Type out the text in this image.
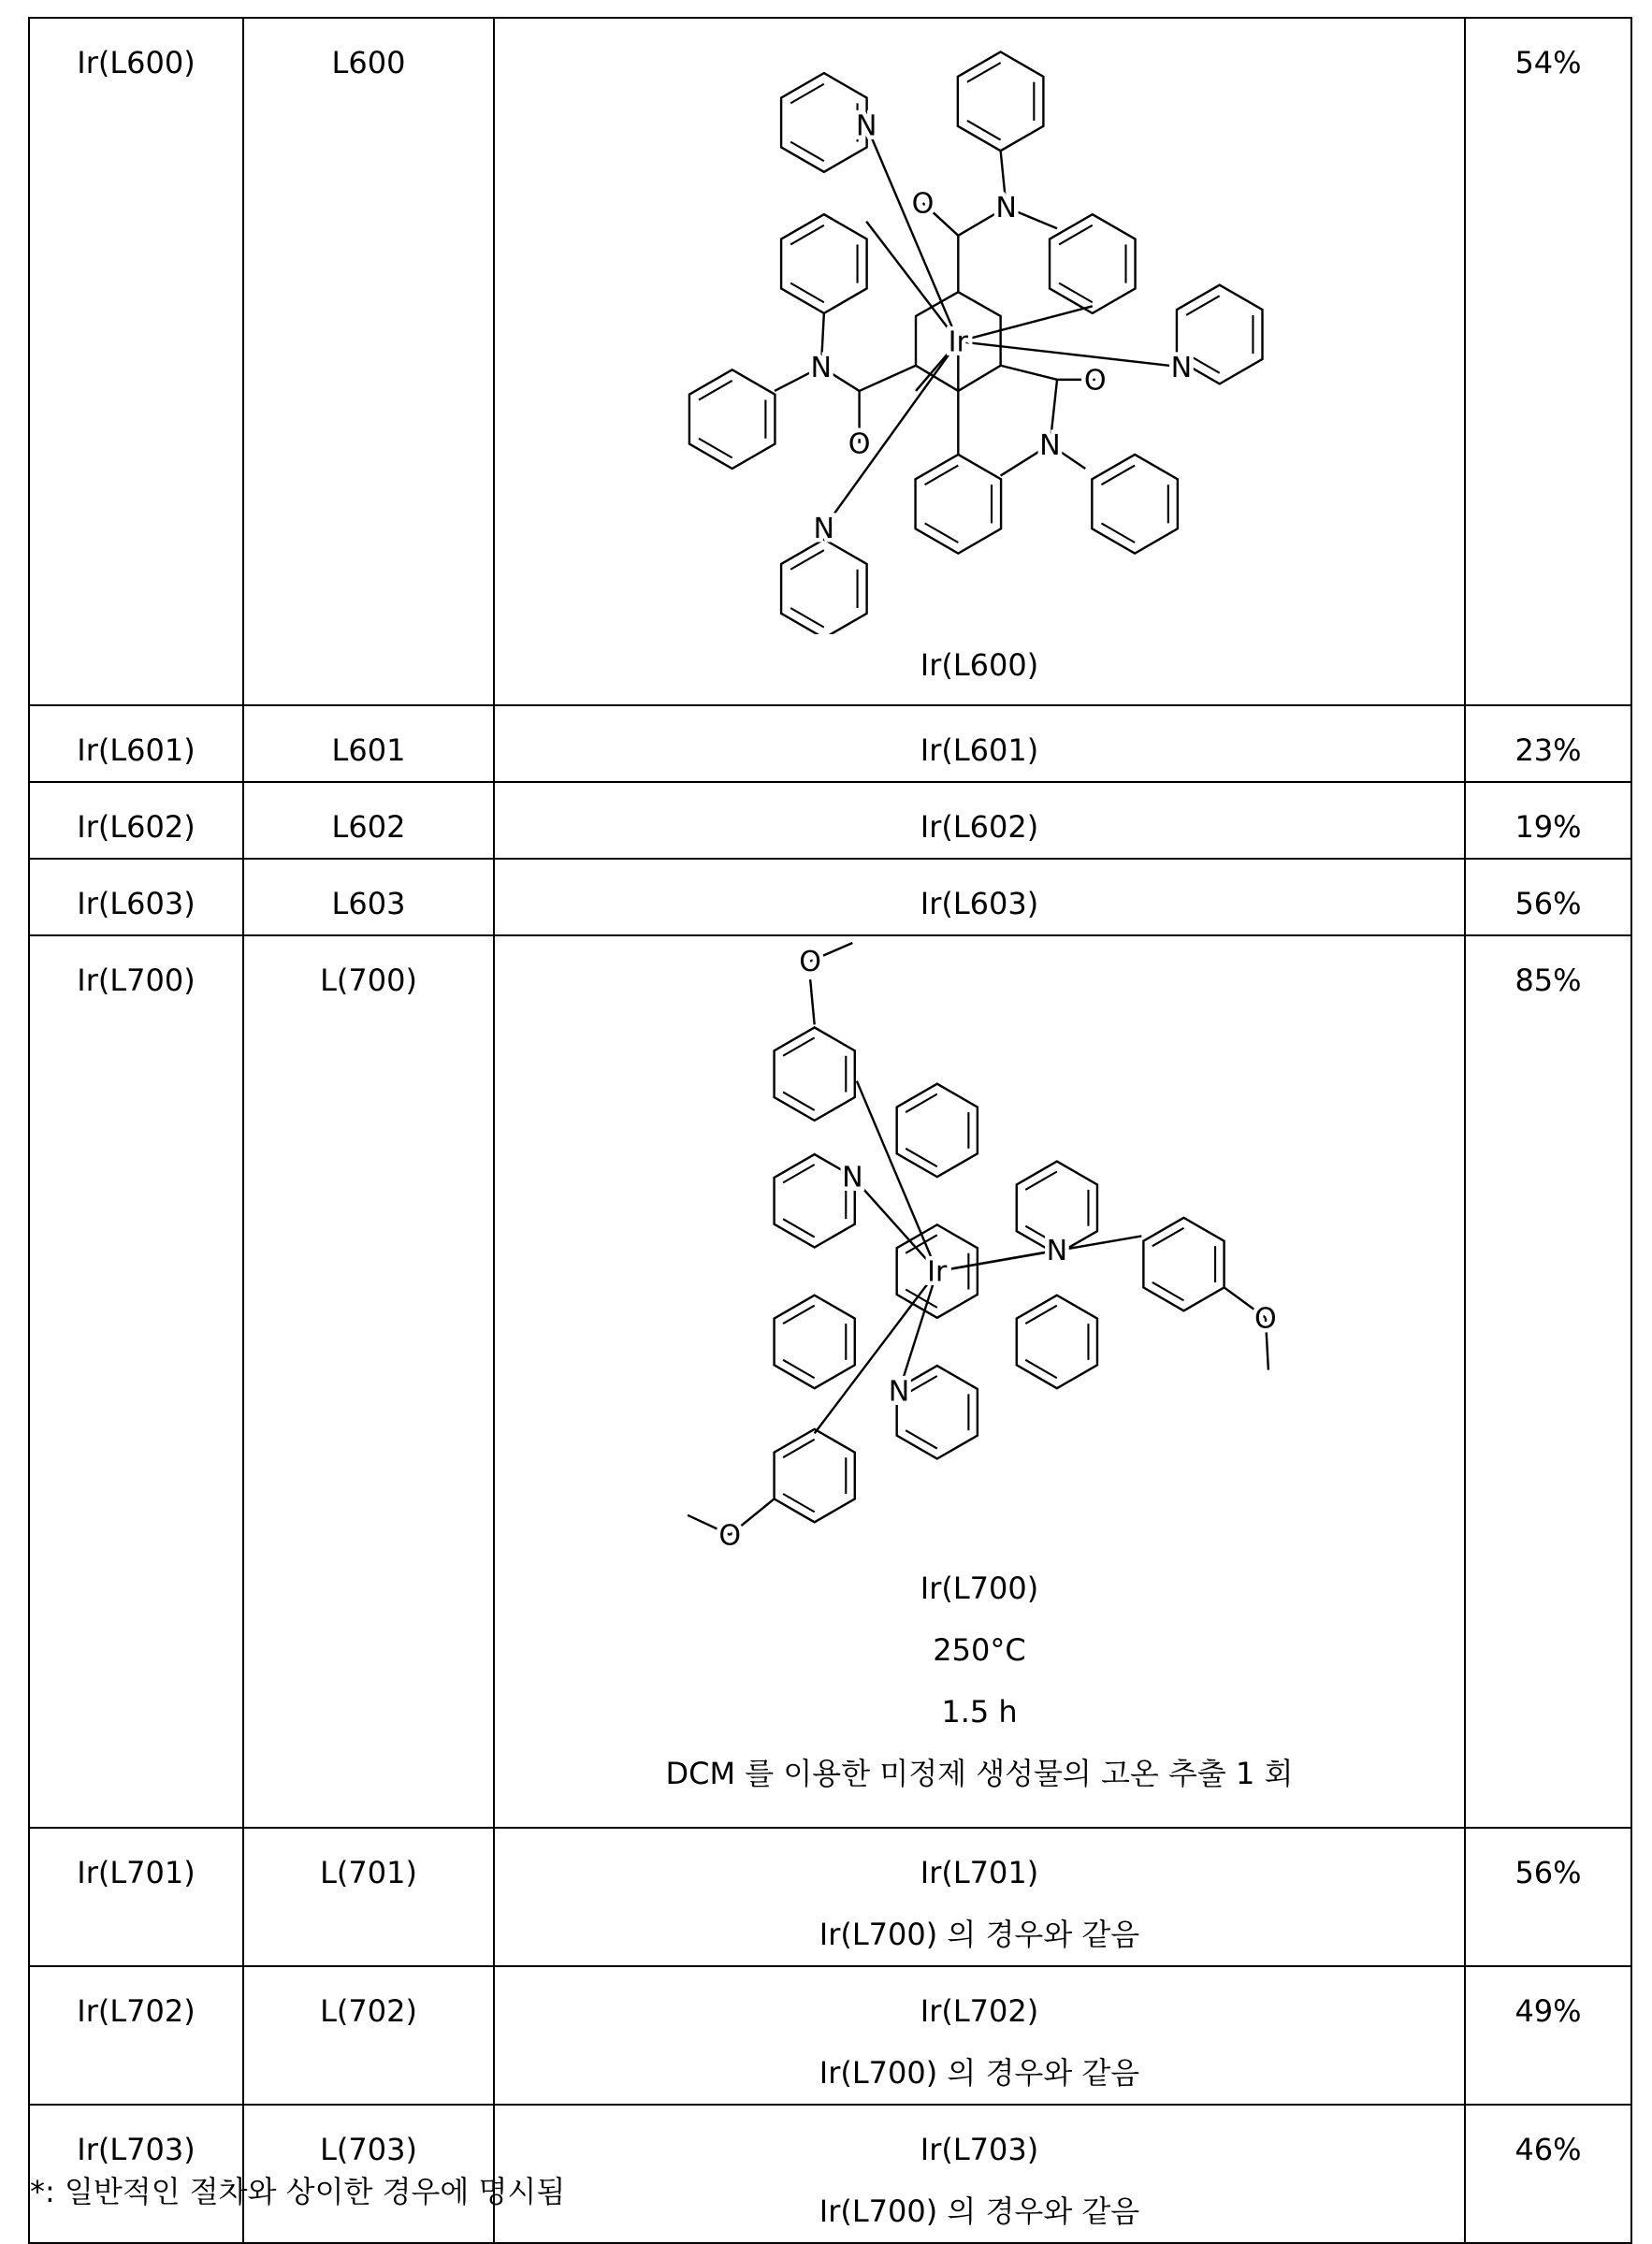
Ir(L600)	L600	
N
O	N
N
N
O
O
N
N
Ir
Ir(L600)
	54%
Ir(L601)	L601	Ir(L601)	23%
Ir(L602)	L602	Ir(L602)	19%
Ir(L603)	L603	Ir(L603)	56%
Ir(L700)	L(700)	
O
O
O
N
N
N
Ir
Ir(L700)
250°C
1.5 h
DCM 를 이용한 미정제 생성물의 고온 추출 1 회
	85%
Ir(L701)	L(701)	Ir(L701)
Ir(L700) 의 경우와 같음
	56%
Ir(L702)	L(702)	Ir(L702)
Ir(L700) 의 경우와 같음
	49%
Ir(L703)	L(703)	Ir(L703)
Ir(L700) 의 경우와 같음
	46%
*: 일반적인 절차와 상이한 경우에 명시됨
